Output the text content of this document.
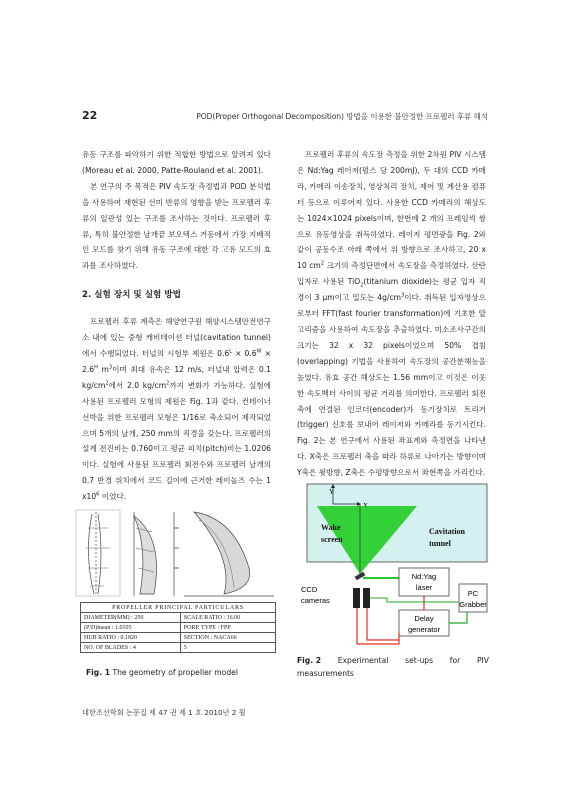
22	POD(Proper Orthogonal Decomposition) 방법을 이용한 불안정한 프로펠러 후류 해석

유동 구조를 파악하기 위한 적합한 방법으로 알려져 있다(Moreau et al. 2000, Patte-Rouland et al. 2001).

본 연구의 주 목적은 PIV 속도장 측정법과 POD 분석법을 사용하여 재현된 선미 반류의 영향을 받는 프로펠러 후류의 일관성 있는 구조를 조사하는 것이다. 프로펠러 후류, 특히 불안정한 날개끝 보오텍스 거동에서 가장 지배적인 모드를 찾기 위해 유동 구조에 대한 각 고유 모드의 효과를 조사하였다.

2. 실험 장치 및 실험 방법

프로펠러 후류 계측은 해양연구원 해양시스템안전연구소 내에 있는 중형 캐비테이션 터널(cavitation tunnel)에서 수행되었다. 터널의 시험부 제원은 $0.6^L \times 0.6^W \times 2.6^H$ $m^3$이며 최대 유속은 12 m/s, 터널내 압력은 0.1 $kg/cm^2$에서 2.0 $kg/cm^2$까지 변화가 가능하다. 실험에 사용된 프로펠러 모형의 제원은 Fig. 1과 같다. 컨테이너선박을 위한 프로펠러 모형은 1/16로 축소되어 제작되었으며 5개의 날개, 250 mm의 직경을 갖는다. 프로펠러의 설계 전진비는 0.760이고 평균 피치(pitch)비는 1.0206이다. 실험에 사용된 프로펠러 회전수와 프로펠러 날개의 0.7 반경 위치에서 코드 길이에 근거한 레이놀즈 수는 1 $x10^6$ 이었다.

프로펠러 후류의 속도장 측정을 위한 2차원 PIV 시스템은 Nd:Yag 레이저(펄스 당 200mJ), 두 대의 CCD 카메라, 카메라 이송장치, 영상처리 장치, 제어 및 계산용 컴퓨터 등으로 이루어져 있다. 사용한 CCD 카메라의 해상도는 1024×1024 pixels이며, 한번에 2 개의 프레임씩 쌍으로 유동영상을 취득하였다. 레이저 평면광을 Fig. 2와 같이 공동수조 아래 쪽에서 위 방향으로 조사하고, 20 x 10 $cm^2$ 크기의 측정단면에서 속도장을 측정하였다. 산란입자로 사용된 TiO$_2$(titanium dioxide)는 평균 입자 직경이 3 μm이고 밀도는 $4g/cm^3$이다. 취득된 입자영상으로부터 FFT(fast fourier transformation)에 기초한 알고리즘을 사용하여 속도장을 추출하였다. 미소조사구간의 크기는 32 x 32 pixels이었으며 50% 겹침(overlapping) 기법을 사용하여 속도장의 공간분해능을 높였다. 유효 공간 해상도는 1.56 mm이고 이것은 이웃한 속도벡터 사이의 평균 거리를 의미한다. 프로펠러 회전 축에 연결된 인코더(encoder)가 동기장치로 트리거(trigger) 신호를 보내어 레이저와 카메라를 동기시킨다. Fig. 2는 본 연구에서 사용된 좌표계와 측정면을 나타낸다. X축은 프로펠러 축을 따라 하류로 나아가는 방향이며 Y축은 윗방향, Z축은 수평방향으로서 좌현쪽을 가리킨다.

PROPELLER PRINCIPAL PARTICULARS	
DIAMETER(MM) : 250	SCALE RATIO : 16.00
(P/D)mean : 1.0105	PORP. TYPE : FPP
HUB RATIO : 0.1820	SECTION : NACA66
NO. OF BLADES : 4	5
Fig. 1 The geometry of propeller model
Y
Wake
screen
Cavitation
tunnel
Nd:Yag
laser
CCD
cameras
PC
Grabber
Delay
generator
Fig. 2 Experimental set-ups for PIV
measurements
대한조선학회 논문집 제 47 권 제 1 호 2010년 2 월
